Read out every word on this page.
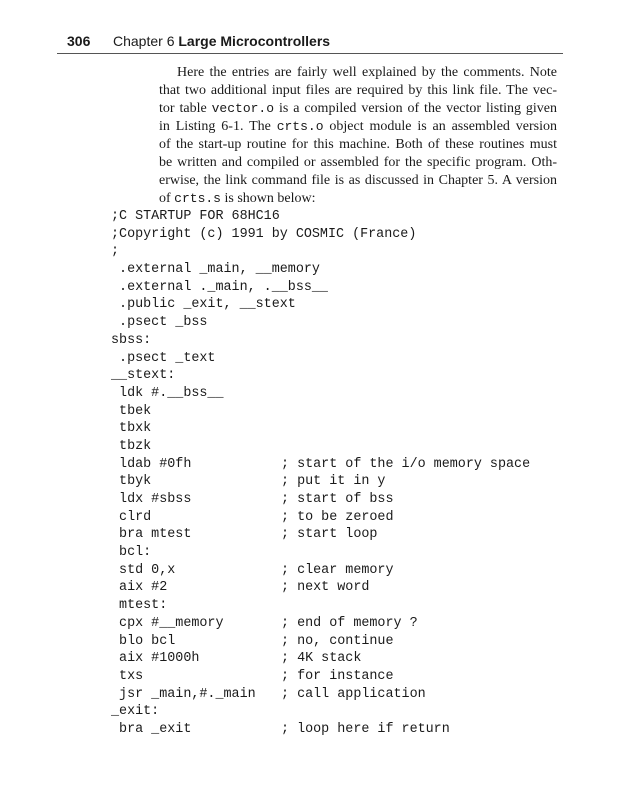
306 Chapter 6 Large Microcontrollers

Here the entries are fairly well explained by the comments. Note
that two additional input files are required by this link file. The vec-
tor table vector.o is a compiled version of the vector listing given
in Listing 6-1. The crts.o object module is an assembled version
of the start-up routine for this machine. Both of these routines must
be written and compiled or assembled for the specific program. Oth-
erwise, the link command file is as discussed in Chapter 5. A version
of crts.s is shown below:

;C STARTUP FOR 68HC16
;Copyright (c) 1991 by COSMIC (France)
;
.external _main, __memory
.external ._main, .__bss__
.public _exit, __stext
.psect _bss
sbss:
.psect _text
__stext:
ldk #.__bss__
tbek
tbxk
tbzk
ldab #0fh	; start of the i/o memory space
tbyk	; put it in y
ldx #sbss	; start of bss
clrd	; to be zeroed
bra mtest	; start loop
bcl:
std 0,x	; clear memory
aix #2	; next word
mtest:
cpx #__memory	; end of memory ?
blo bcl	; no, continue
aix #1000h	; 4K stack
txs	; for instance
jsr _main,#._main ; call application
_exit:
bra _exit	; loop here if return
